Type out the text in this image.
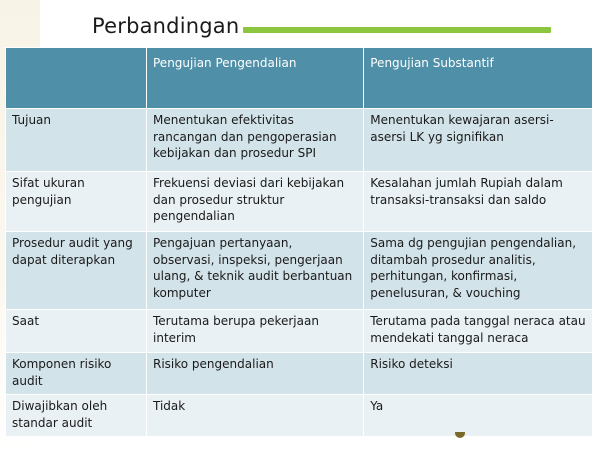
Perbandingan
	Pengujian Pengendalian	Pengujian Substantif
Tujuan	Menentukan efektivitas rancangan dan pengoperasian kebijakan dan prosedur SPI	Menentukan kewajaran asersi-asersi LK yg signifikan
Sifat ukuran pengujian	Frekuensi deviasi dari kebijakan dan prosedur struktur pengendalian	Kesalahan jumlah Rupiah dalam transaksi-transaksi dan saldo
Prosedur audit yang dapat diterapkan	Pengajuan pertanyaan, observasi, inspeksi, pengerjaan ulang, & teknik audit berbantuan komputer	Sama dg pengujian pengendalian, ditambah prosedur analitis, perhitungan, konfirmasi, penelusuran, & vouching
Saat	Terutama berupa pekerjaan interim	Terutama pada tanggal neraca atau mendekati tanggal neraca
Komponen risiko audit	Risiko pengendalian	Risiko deteksi
Diwajibkan oleh standar audit	Tidak	Ya
